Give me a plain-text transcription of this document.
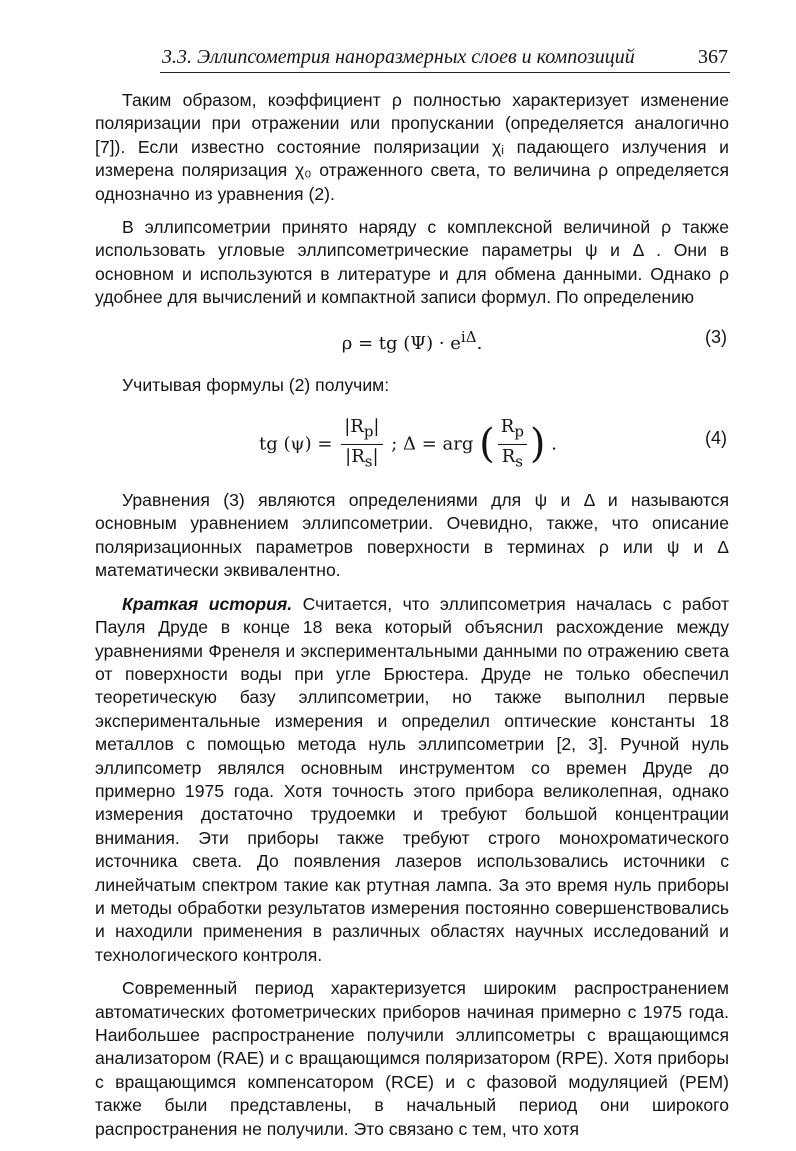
3.3. Эллипсометрия наноразмерных слоев и композиций	367

Таким образом, коэффициент ρ полностью характеризует изменение поляризации при отражении или пропускании (определяется аналогично [7]). Если известно состояние поляризации χᵢ падающего излучения и измерена поляризация χ₀ отраженного света, то величина ρ определяется однозначно из уравнения (2).

В эллипсометрии принято наряду с комплексной величиной ρ также использовать угловые эллипсометрические параметры ψ и Δ . Они в основном и используются в литературе и для обмена данными. Однако ρ удобнее для вычислений и компактной записи формул. По определению

ρ = tg $(\Psi) \cdot e^{i\Delta}$.	(3)

Учитывая формулы (2) получим:

tg $(\psi) = \frac{|R_p|}{|R_s|}$ ; Δ = arg ( $\frac{R_p}{R_s}$ ) .	(4)

Уравнения (3) являются определениями для ψ и Δ и называются основным уравнением эллипсометрии. Очевидно, также, что описание поляризационных параметров поверхности в терминах ρ или ψ и Δ математически эквивалентно.

Краткая история. Считается, что эллипсометрия началась с работ Пауля Друде в конце 18 века который объяснил расхождение между уравнениями Френеля и экспериментальными данными по отражению света от поверхности воды при угле Брюстера. Друде не только обеспечил теоретическую базу эллипсометрии, но также выполнил первые экспериментальные измерения и определил оптические константы 18 металлов с помощью метода нуль эллипсометрии [2, 3]. Ручной нуль эллипсометр являлся основным инструментом со времен Друде до примерно 1975 года. Хотя точность этого прибора великолепная, однако измерения достаточно трудоемки и требуют большой концентрации внимания. Эти приборы также требуют строго монохроматического источника света. До появления лазеров использовались источники с линейчатым спектром такие как ртутная лампа. За это время нуль приборы и методы обработки результатов измерения постоянно совершенствовались и находили применения в различных областях научных исследований и технологического контроля.

Современный период характеризуется широким распространением автоматических фотометрических приборов начиная примерно с 1975 года. Наибольшее распространение получили эллипсометры с вращающимся анализатором (RAE) и с вращающимся поляризатором (RPE). Хотя приборы с вращающимся компенсатором (RCE) и с фазовой модуляцией (PEM) также были представлены, в начальный период они широкого распространения не получили. Это связано с тем, что хотя
